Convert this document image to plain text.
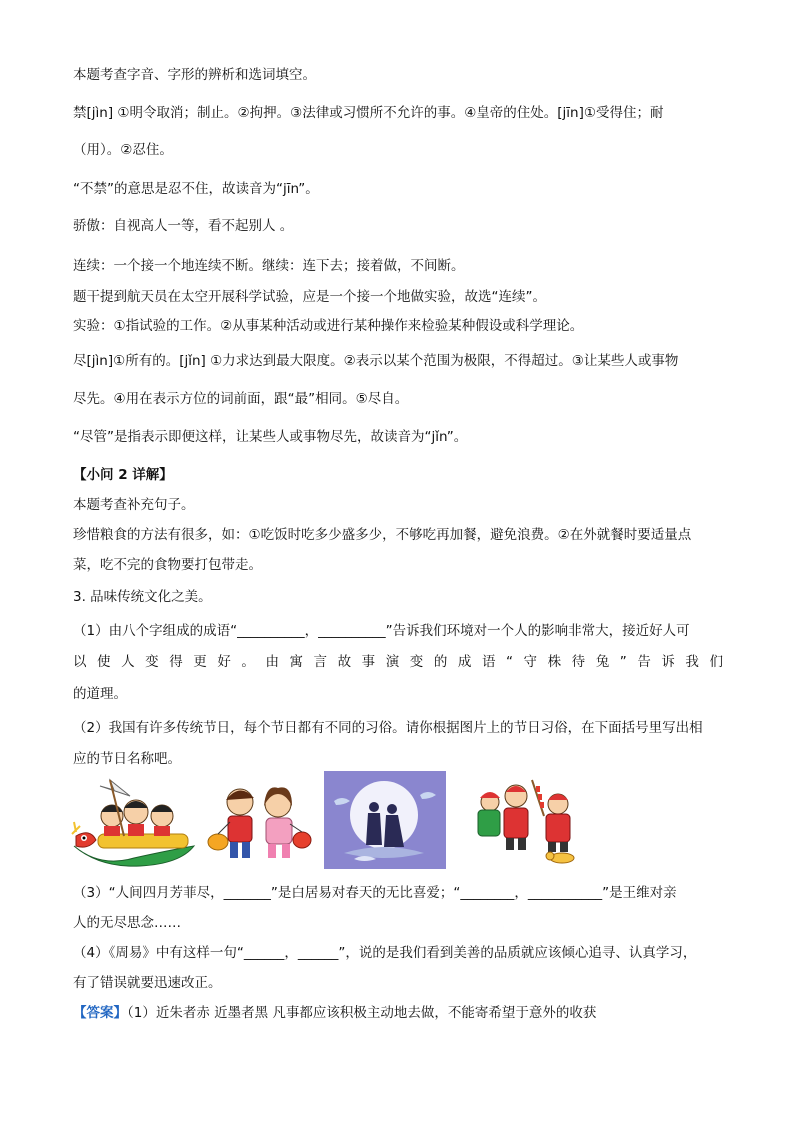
本题考查字音、字形的辨析和选词填空。
禁[jìn] ①明令取消；制止。②拘押。③法律或习惯所不允许的事。④皇帝的住处。[jīn]①受得住；耐
（用）。②忍住。
“不禁”的意思是忍不住，故读音为“jīn”。
骄傲：自视高人一等，看不起别人 。
连续：一个接一个地连续不断。继续：连下去；接着做，不间断。
题干提到航天员在太空开展科学试验，应是一个接一个地做实验，故选“连续”。
实验：①指试验的工作。②从事某种活动或进行某种操作来检验某种假设或科学理论。
尽[jìn]①所有的。[jǐn] ①力求达到最大限度。②表示以某个范围为极限，不得超过。③让某些人或事物
尽先。④用在表示方位的词前面，跟“最”相同。⑤尽自。
“尽管”是指表示即便这样，让某些人或事物尽先，故读音为“jǐn”。
【小问 2 详解】
本题考查补充句子。
珍惜粮食的方法有很多，如：①吃饭时吃多少盛多少，不够吃再加餐，避免浪费。②在外就餐时要适量点
菜，吃不完的食物要打包带走。
3. 品味传统文化之美。
（1）由八个字组成的成语“__________，__________”告诉我们环境对一个人的影响非常大，接近好人可
以使人变得更好。由寓言故事演变的成语“守株待兔”告诉我们
的道理。
（2）我国有许多传统节日，每个节日都有不同的习俗。请你根据图片上的节日习俗，在下面括号里写出相
应的节日名称吧。
（3）“人间四月芳菲尽，_______”是白居易对春天的无比喜爱；“________，___________”是王维对亲
人的无尽思念……
（4）《周易》中有这样一句“______，______”，说的是我们看到美善的品质就应该倾心追寻、认真学习，
有了错误就要迅速改正。
【答案】（1）近朱者赤 近墨者黑 凡事都应该积极主动地去做，不能寄希望于意外的收获
